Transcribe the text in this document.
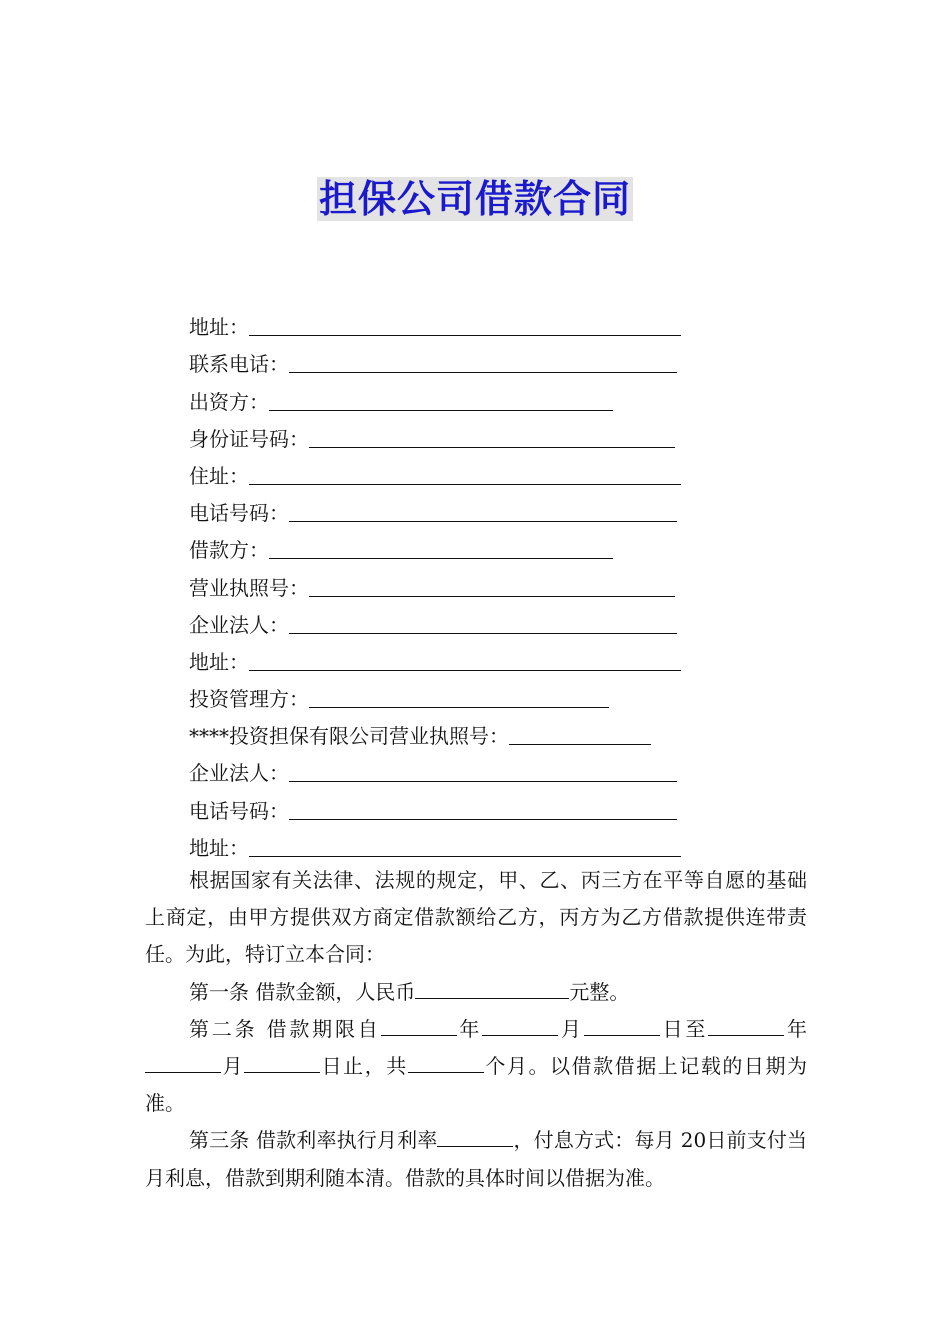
担保公司借款合同
地址：
联系电话：
出资方：
身份证号码：
住址：
电话号码：
借款方：
营业执照号：
企业法人：
地址：
投资管理方：
****投资担保有限公司营业执照号：
企业法人：
电话号码：
地址：

根据国家有关法律、法规的规定，甲、乙、丙三方在平等自愿的基础上商定，由甲方提供双方商定借款额给乙方，丙方为乙方借款提供连带责任。为此，特订立本合同：

第一条 借款金额，人民币	元整。

第二条 借款期限自	年	月	日至	年月	日止，共	个月。以借款借据上记载的日期为准。

第三条 借款利率执行月利率	，付息方式：每月 20日前支付当月利息，借款到期利随本清。借款的具体时间以借据为准。
